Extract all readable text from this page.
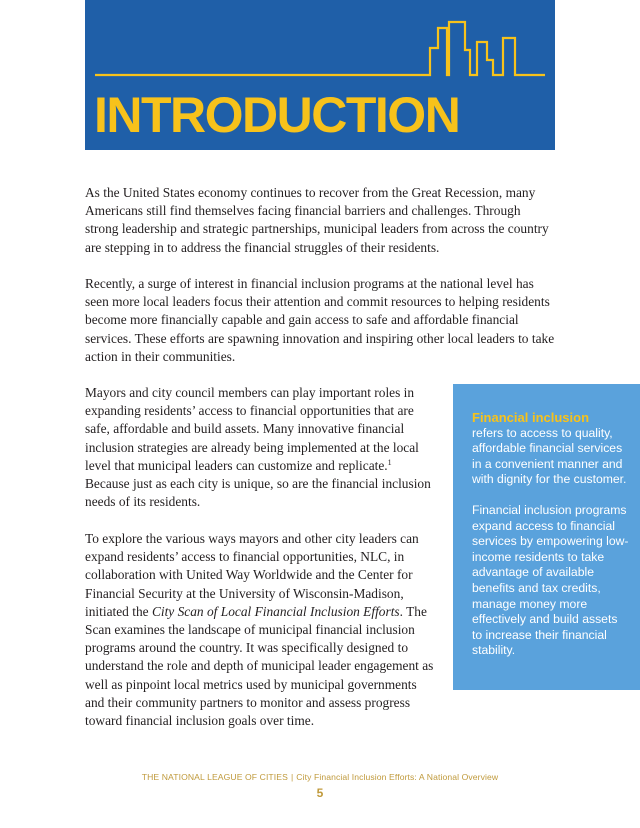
INTRODUCTION

As the United States economy continues to recover from the Great Recession, many Americans still find themselves facing financial barriers and challenges. Through strong leadership and strategic partnerships, municipal leaders from across the country are stepping in to address the financial struggles of their residents.

Recently, a surge of interest in financial inclusion programs at the national level has seen more local leaders focus their attention and commit resources to helping residents become more financially capable and gain access to safe and affordable financial services. These efforts are spawning innovation and inspiring other local leaders to take action in their communities.

Mayors and city council members can play important roles in expanding residents’ access to financial opportunities that are safe, affordable and build assets. Many innovative financial inclusion strategies are already being implemented at the local level that municipal leaders can customize and replicate.$^1$ Because just as each city is unique, so are the financial inclusion needs of its residents.

To explore the various ways mayors and other city leaders can expand residents’ access to financial opportunities, NLC, in collaboration with United Way Worldwide and the Center for Financial Security at the University of Wisconsin-Madison, initiated the City Scan of Local Financial Inclusion Efforts. The Scan examines the landscape of municipal financial inclusion programs around the country. It was specifically designed to understand the role and depth of municipal leader engagement as well as pinpoint local metrics used by municipal governments and their community partners to monitor and assess progress toward financial inclusion goals over time.

Financial inclusion
refers to access to quality, affordable financial services in a convenient manner and with dignity for the customer.

Financial inclusion programs expand access to financial services by empowering low-income residents to take advantage of available benefits and tax credits, manage money more effectively and build assets to increase their financial stability.

THE NATIONAL LEAGUE OF CITIES | City Financial Inclusion Efforts: A National Overview
5
